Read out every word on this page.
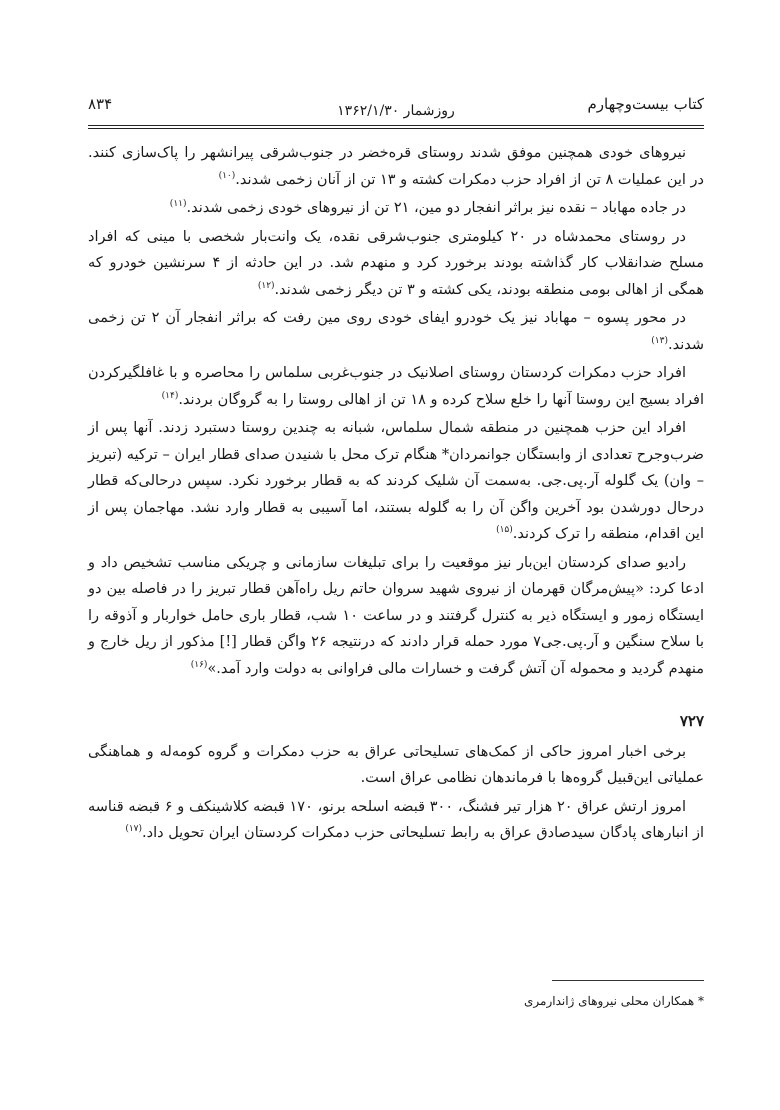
کتاب بیست‌وچهارم
روزشمار ۱۳۶۲/۱/۳۰
۸۳۴

نیروهای خودی همچنین موفق شدند روستای قره‌خضر در جنوب‌شرقی پیرانشهر را پاک‌سازی کنند. در این عملیات ۸ تن از افراد حزب دمکرات کشته و ۱۳ تن از آنان زخمی شدند.$^{(۱۰)}$

در جاده مهاباد – نقده نیز براثر انفجار دو مین، ۲۱ تن از نیروهای خودی زخمی شدند.$^{(۱۱)}$

در روستای محمدشاه در ۲۰ کیلومتری جنوب‌شرقی نقده، یک وانت‌بار شخصی با مینی که افراد مسلح ضدانقلاب کار گذاشته بودند برخورد کرد و منهدم شد. در این حادثه از ۴ سرنشین خودرو که همگی از اهالی بومی منطقه بودند، یکی کشته و ۳ تن دیگر زخمی شدند.$^{(۱۲)}$

در محور پسوه – مهاباد نیز یک خودرو ایفای خودی روی مین رفت که براثر انفجار آن ۲ تن زخمی شدند.$^{(۱۳)}$

افراد حزب دمکرات کردستان روستای اصلانیک در جنوب‌غربی سلماس را محاصره و با غافلگیرکردن افراد بسیج این روستا آنها را خلع سلاح کرده و ۱۸ تن از اهالی روستا را به گروگان بردند.$^{(۱۴)}$

افراد این حزب همچنین در منطقه شمال سلماس، شبانه به چندین روستا دستبرد زدند. آنها پس از ضرب‌وجرح تعدادی از وابستگان جوانمردان* هنگام ترک محل با شنیدن صدای قطار ایران – ترکیه (تبریز – وان) یک گلوله آر.پی.جی. به‌سمت آن شلیک کردند که به قطار برخورد نکرد. سپس درحالی‌که قطار درحال دورشدن بود آخرین واگن آن را به گلوله بستند، اما آسیبی به قطار وارد نشد. مهاجمان پس از این اقدام، منطقه را ترک کردند.$^{(۱۵)}$

رادیو صدای کردستان این‌بار نیز موقعیت را برای تبلیغات سازمانی و چریکی مناسب تشخیص داد و ادعا کرد: «پیش‌مرگان قهرمان از نیروی شهید سروان حاتم ریل راه‌آهن قطار تبریز را در فاصله بین دو ایستگاه زمور و ایستگاه ذیر به کنترل گرفتند و در ساعت ۱۰ شب، قطار باری حامل خواربار و آذوقه را با سلاح سنگین و آر.پی.جی۷ مورد حمله قرار دادند که درنتیجه ۲۶ واگن قطار [!] مذکور از ریل خارج و منهدم گردید و محموله آن آتش گرفت و خسارات مالی فراوانی به دولت وارد آمد.»$^{(۱۶)}$

۷۲۷

برخی اخبار امروز حاکی از کمک‌های تسلیحاتی عراق به حزب دمکرات و گروه کومه‌له و هماهنگی عملیاتی این‌قبیل گروه‌ها با فرماندهان نظامی عراق است.

امروز ارتش عراق ۲۰ هزار تیر فشنگ، ۳۰۰ قبضه اسلحه برنو، ۱۷۰ قبضه کلاشینکف و ۶ قبضه قناسه از انبارهای پادگان سیدصادق عراق به رابط تسلیحاتی حزب دمکرات کردستان ایران تحویل داد.$^{(۱۷)}$

* همکاران محلی نیروهای ژاندارمری
